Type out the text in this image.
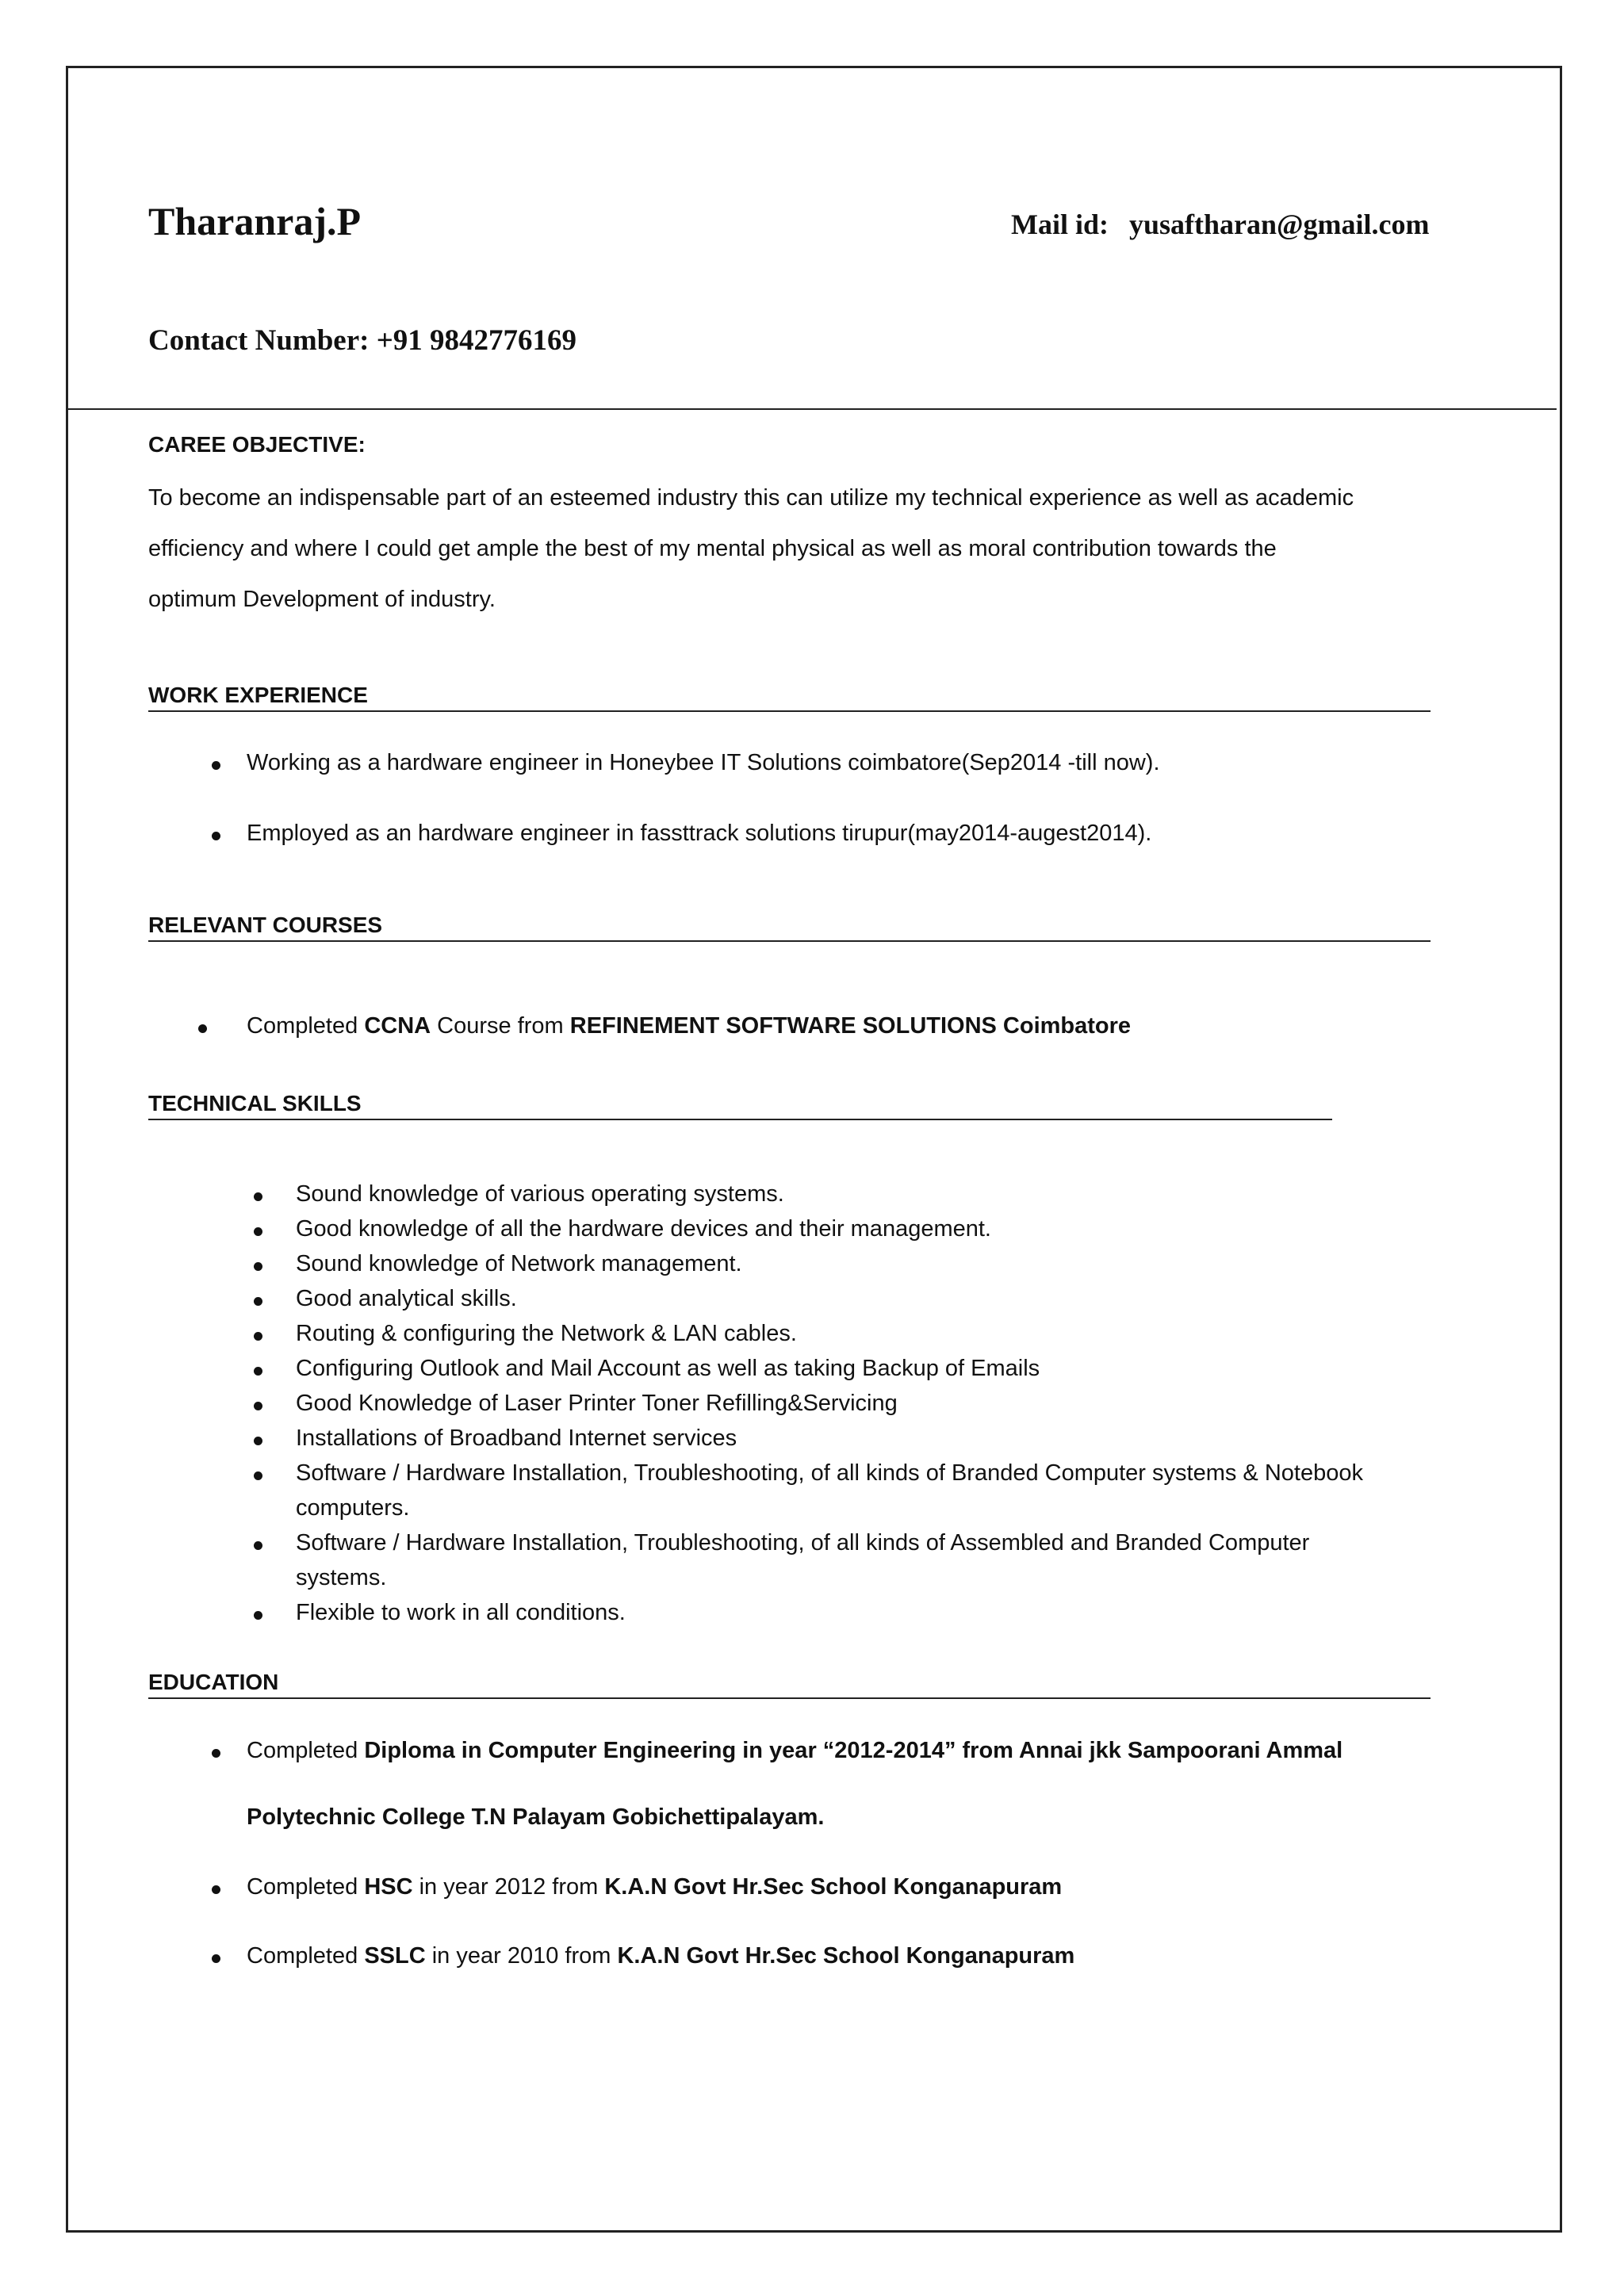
Tharanraj.P	Mail id: yusaftharan@gmail.com
Contact Number: +91 9842776169
CAREE OBJECTIVE:
To become an indispensable part of an esteemed industry this can utilize my technical experience as well as academic
efficiency and where I could get ample the best of my mental physical as well as moral contribution towards the
optimum Development of industry.
WORK EXPERIENCE
Working as a hardware engineer in Honeybee IT Solutions coimbatore(Sep2014 -till now).
Employed as an hardware engineer in fassttrack solutions tirupur(may2014-augest2014).
RELEVANT COURSES
Completed CCNA Course from REFINEMENT SOFTWARE SOLUTIONS Coimbatore
TECHNICAL SKILLS
Sound knowledge of various operating systems.
Good knowledge of all the hardware devices and their management.
Sound knowledge of Network management.
Good analytical skills.
Routing & configuring the Network & LAN cables.
Configuring Outlook and Mail Account as well as taking Backup of Emails
Good Knowledge of Laser Printer Toner Refilling&Servicing
Installations of Broadband Internet services
Software / Hardware Installation, Troubleshooting, of all kinds of Branded Computer systems & Notebook
computers.
Software / Hardware Installation, Troubleshooting, of all kinds of Assembled and Branded Computer
systems.
Flexible to work in all conditions.
EDUCATION
Completed Diploma in Computer Engineering in year “2012-2014” from Annai jkk Sampoorani Ammal
Polytechnic College T.N Palayam Gobichettipalayam.
Completed HSC in year 2012 from K.A.N Govt Hr.Sec School Konganapuram
Completed SSLC in year 2010 from K.A.N Govt Hr.Sec School Konganapuram
